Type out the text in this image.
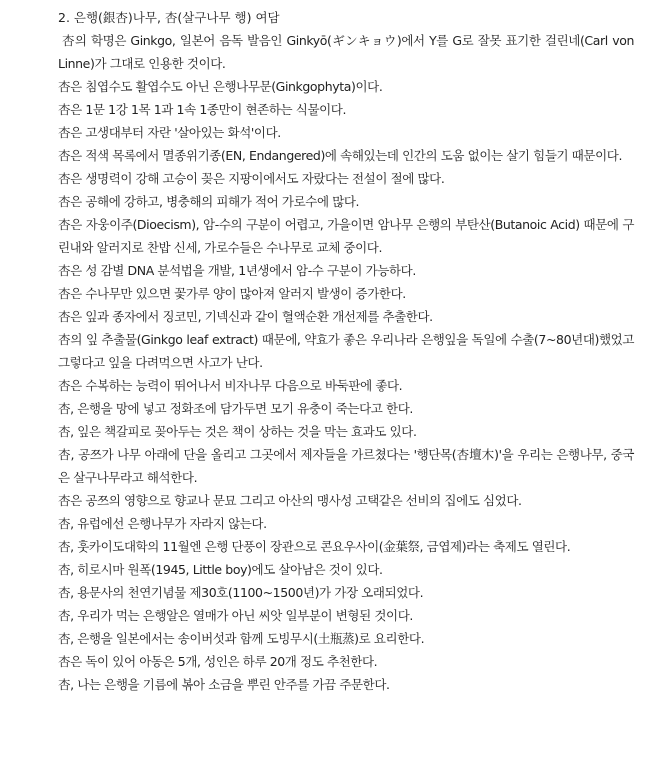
2. 은행(銀杏)나무, 杏(살구나무 행) 여담

杏의 학명은 Ginkgo, 일본어 음독 발음인 Ginkyō(ギンキョウ)에서 Y를 G로 잘못 표기한 걸린네(Carl von Linne)가 그대로 인용한 것이다.

杏은 침엽수도 활엽수도 아닌 은행나무문(Ginkgophyta)이다.

杏은 1문 1강 1목 1과 1속 1종만이 현존하는 식물이다.

杏은 고생대부터 자란 '살아있는 화석'이다.

杏은 적색 목록에서 멸종위기종(EN, Endangered)에 속해있는데 인간의 도움 없이는 살기 힘들기 때문이다.

杏은 생명력이 강해 고승이 꽂은 지팡이에서도 자랐다는 전설이 절에 많다.

杏은 공해에 강하고, 병충해의 피해가 적어 가로수에 많다.

杏은 자웅이주(Dioecism), 암-수의 구분이 어렵고, 가을이면 암나무 은행의 부탄산(Butanoic Acid) 때문에 구린내와 알러지로 찬밥 신세, 가로수들은 수나무로 교체 중이다.

杏은 성 감별 DNA 분석법을 개발, 1년생에서 암-수 구분이 가능하다.

杏은 수나무만 있으면 꽃가루 양이 많아져 알러지 발생이 증가한다.

杏은 잎과 종자에서 징코민, 기넥신과 같이 혈액순환 개선제를 추출한다.

杏의 잎 추출물(Ginkgo leaf extract) 때문에, 약효가 좋은 우리나라 은행잎을 독일에 수출(7~80년대)했었고 그렇다고 잎을 다려먹으면 사고가 난다.

杏은 수복하는 능력이 뛰어나서 비자나무 다음으로 바둑판에 좋다.

杏, 은행을 망에 넣고 정화조에 담가두면 모기 유충이 죽는다고 한다.

杏, 잎은 책갈피로 꽂아두는 것은 책이 상하는 것을 막는 효과도 있다.

杏, 공쯔가 나무 아래에 단을 올리고 그곳에서 제자들을 가르쳤다는 '행단목(杏壇木)'을 우리는 은행나무, 중국은 살구나무라고 해석한다.

杏은 공쯔의 영향으로 향교나 문묘 그리고 아산의 맹사성 고택같은 선비의 집에도 심었다.

杏, 유럽에선 은행나무가 자라지 않는다.

杏, 훗카이도대학의 11월엔 은행 단풍이 장관으로 콘요우사이(金葉祭, 금엽제)라는 축제도 열린다.

杏, 히로시마 원폭(1945, Little boy)에도 살아남은 것이 있다.

杏, 용문사의 천연기념물 제30호(1100~1500년)가 가장 오래되었다.

杏, 우리가 먹는 은행알은 열매가 아닌 씨앗 일부분이 변형된 것이다.

杏, 은행을 일본에서는 송이버섯과 함께 도빙무시(土瓶蒸)로 요리한다.

杏은 독이 있어 아동은 5개, 성인은 하루 20개 정도 추천한다.

杏, 나는 은행을 기름에 볶아 소금을 뿌린 안주를 가끔 주문한다.
